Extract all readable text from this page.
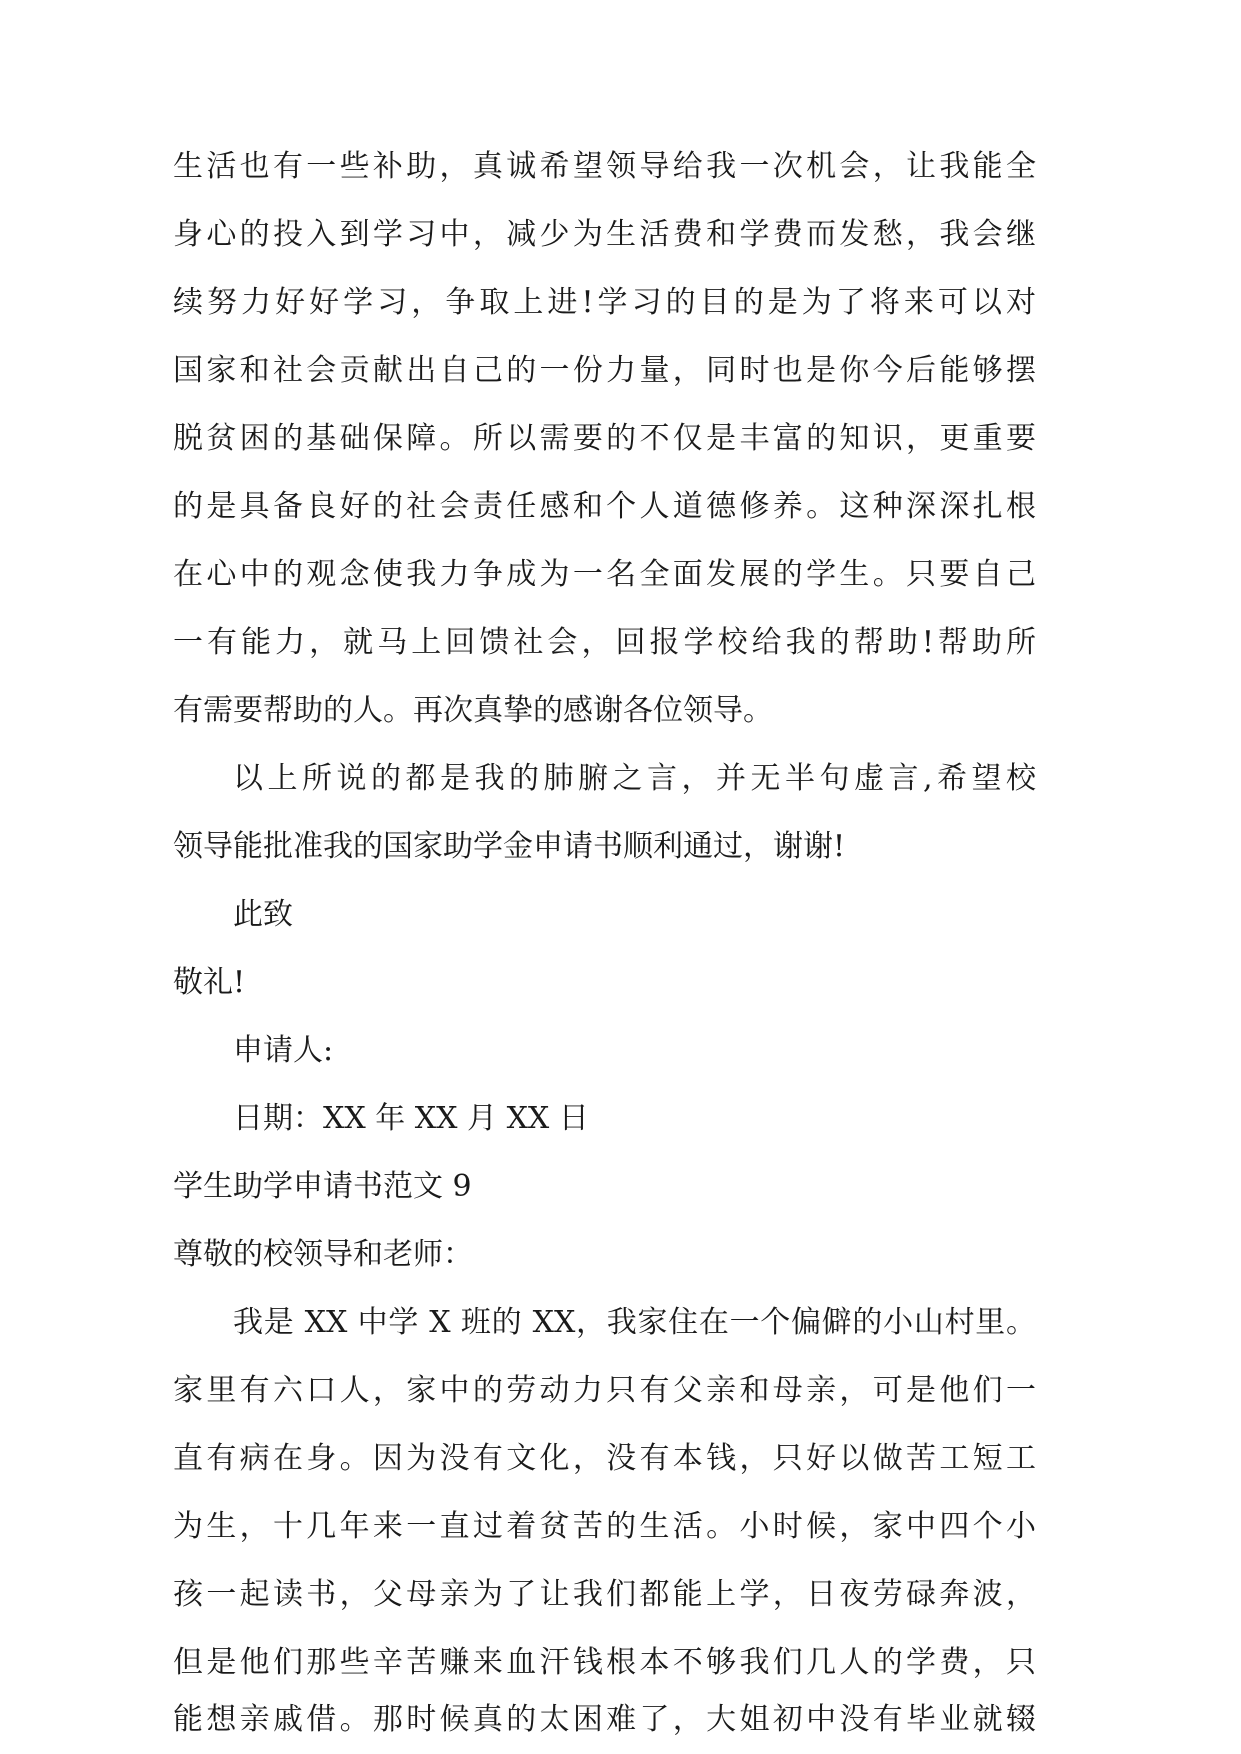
生活也有一些补助，真诚希望领导给我一次机会，让我能全
身心的投入到学习中，减少为生活费和学费而发愁，我会继
续努力好好学习，争取上进!学习的目的是为了将来可以对
国家和社会贡献出自己的一份力量，同时也是你今后能够摆
脱贫困的基础保障。所以需要的不仅是丰富的知识，更重要
的是具备良好的社会责任感和个人道德修养。这种深深扎根
在心中的观念使我力争成为一名全面发展的学生。只要自己
一有能力，就马上回馈社会，回报学校给我的帮助!帮助所
有需要帮助的人。再次真挚的感谢各位领导。
以上所说的都是我的肺腑之言，并无半句虚言,希望校
领导能批准我的国家助学金申请书顺利通过，谢谢!
此致
敬礼!
申请人:
日期：XX 年 XX 月 XX 日
学生助学申请书范文 9
尊敬的校领导和老师：
我是 XX 中学 X 班的 XX，我家住在一个偏僻的小山村里。
家里有六口人，家中的劳动力只有父亲和母亲，可是他们一
直有病在身。因为没有文化，没有本钱，只好以做苦工短工
为生，十几年来一直过着贫苦的生活。小时候，家中四个小
孩一起读书，父母亲为了让我们都能上学，日夜劳碌奔波，
但是他们那些辛苦赚来血汗钱根本不够我们几人的学费，只
能想亲戚借。那时候真的太困难了，大姐初中没有毕业就辍
